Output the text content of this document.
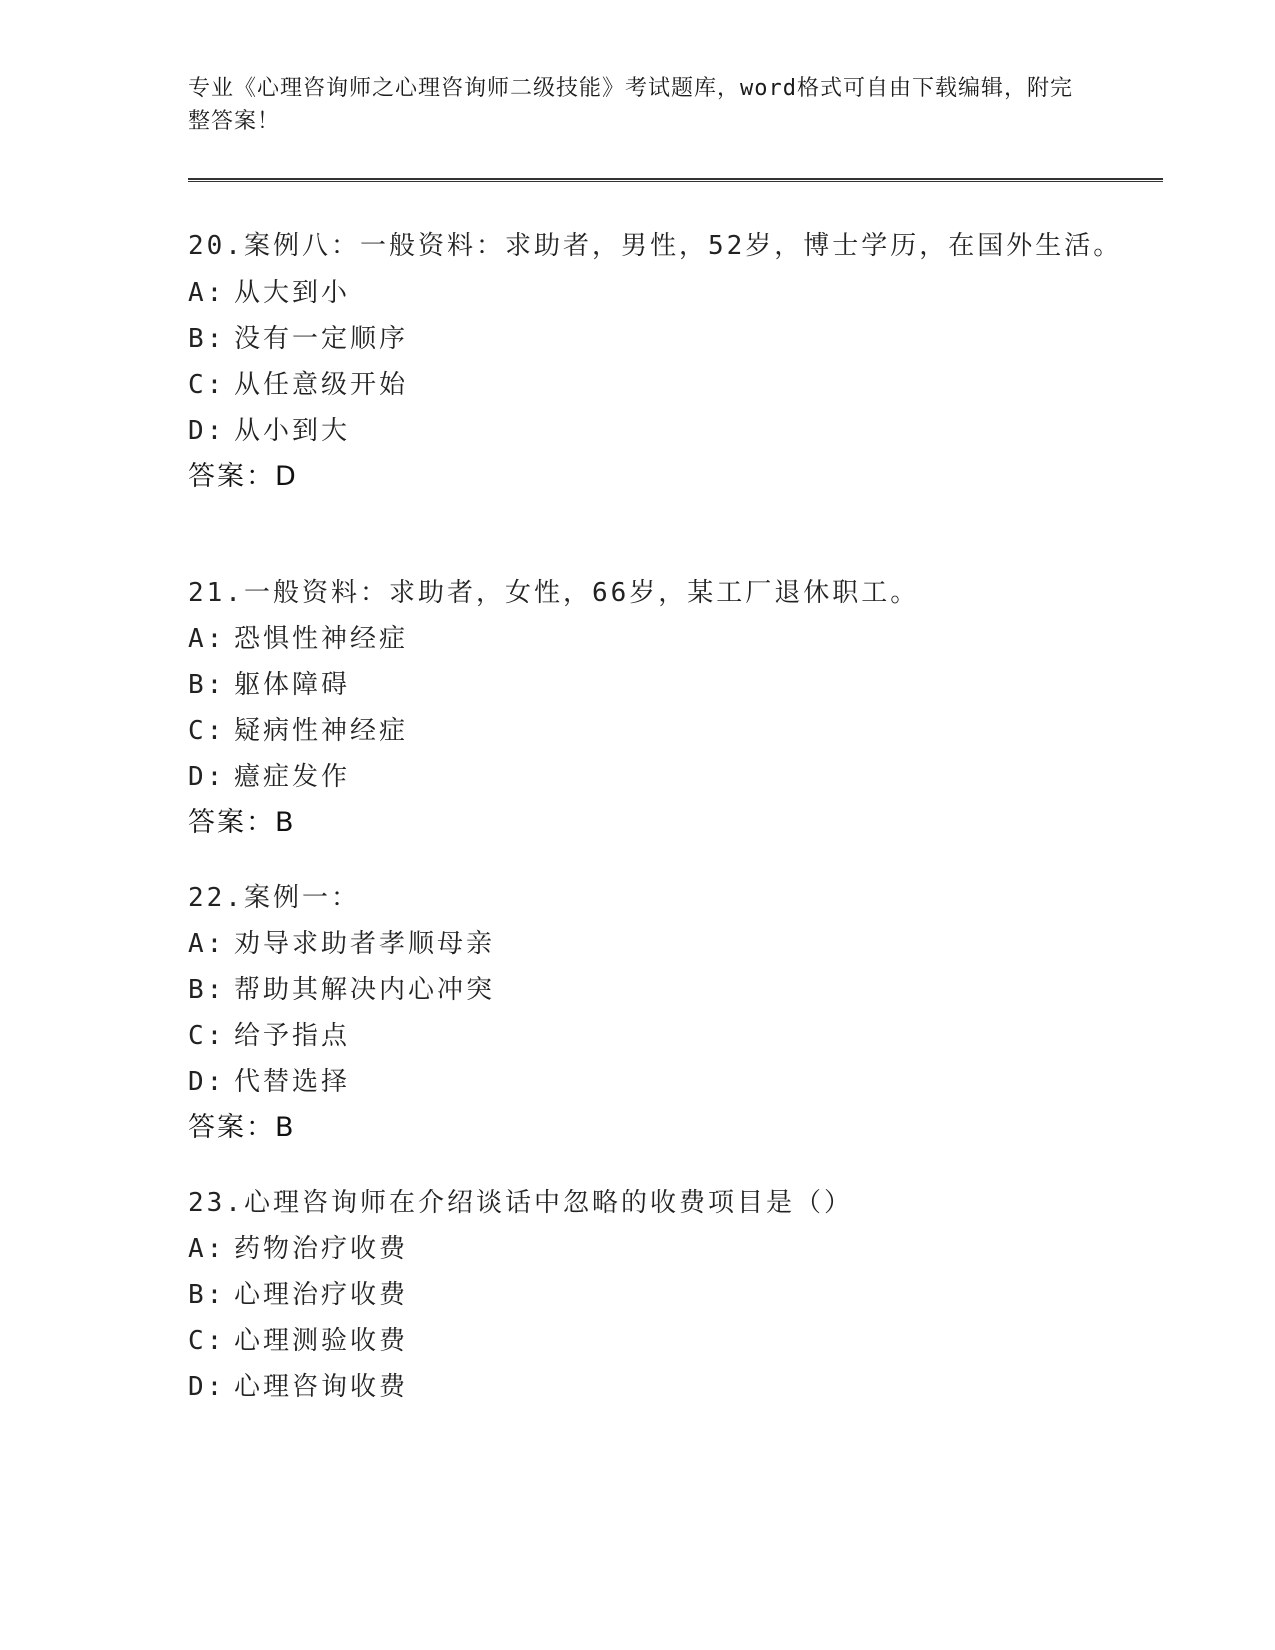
专业《心理咨询师之心理咨询师二级技能》考试题库，word格式可自由下载编辑，附完整答案！

20.案例八：一般资料：求助者，男性，52岁，博士学历，在国外生活。

A: 从大到小

B: 没有一定顺序

C: 从任意级开始

D: 从小到大

答案：D

21.一般资料：求助者，女性，66岁，某工厂退休职工。

A: 恐惧性神经症

B: 躯体障碍

C: 疑病性神经症

D: 癔症发作

答案：B

22.案例一：

A: 劝导求助者孝顺母亲

B: 帮助其解决内心冲突

C: 给予指点

D: 代替选择

答案：B

23.心理咨询师在介绍谈话中忽略的收费项目是（）

A: 药物治疗收费

B: 心理治疗收费

C: 心理测验收费

D: 心理咨询收费
